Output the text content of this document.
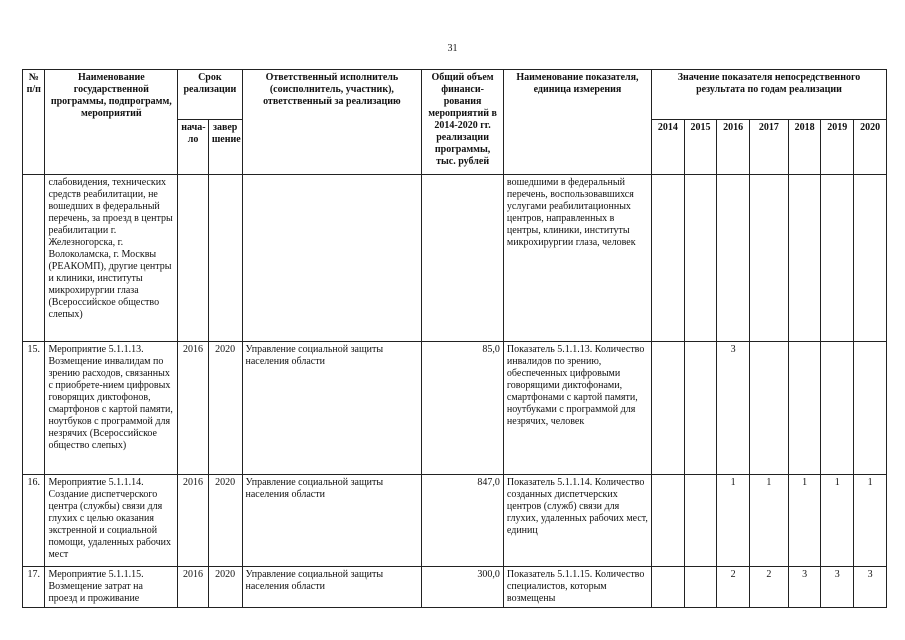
31
№ п/п	Наименование государственной программы, подпрограмм, мероприятий	Срок реализации		Ответственный исполнитель (соисполнитель, участник), ответственный за реализацию	Общий объем финанси-рования мероприятий в 2014-2020 гг. реализации программы, тыс. рублей	Наименование показателя, единица измерения	Значение показателя непосредственного результата по годам реализации						
		нача-ло	завер шение				2014	2015	2016	2017	2018	2019	2020
	слабовидения, технических средств реабилитации, не вошедших в федеральный перечень, за проезд в центры реабилитации г. Железногорска, г. Волоколамска, г. Москвы (РЕАКОМП), другие центры и клиники, институты микрохирургии глаза (Всероссийское общество слепых)					вошедшими в федеральный перечень, воспользовавшихся услугами реабилитационных центров, направленных в центры, клиники, институты микрохирургии глаза, человек							
15.	Мероприятие 5.1.1.13. Возмещение инвалидам по зрению расходов, связанных с приобрете-нием цифровых говорящих диктофонов, смартфонов с картой памяти, ноутбуков с программой для незрячих (Всероссийское общество слепых)	2016	2020	Управление социальной защиты населения области	85,0	Показатель 5.1.1.13. Количество инвалидов по зрению, обеспеченных цифровыми говорящими диктофонами, смартфонами с картой памяти, ноутбуками с программой для незрячих, человек			3				
16.	Мероприятие 5.1.1.14. Создание диспетчерского центра (службы) связи для глухих с целью оказания экстренной и социальной помощи, удаленных рабочих мест	2016	2020	Управление социальной защиты населения области	847,0	Показатель 5.1.1.14. Количество созданных диспетчерских центров (служб) связи для глухих, удаленных рабочих мест, единиц			1	1	1	1	1
17.	Мероприятие 5.1.1.15. Возмещение затрат на проезд и проживание	2016	2020	Управление социальной защиты населения области	300,0	Показатель 5.1.1.15. Количество специалистов, которым возмещены			2	2	3	3	3
